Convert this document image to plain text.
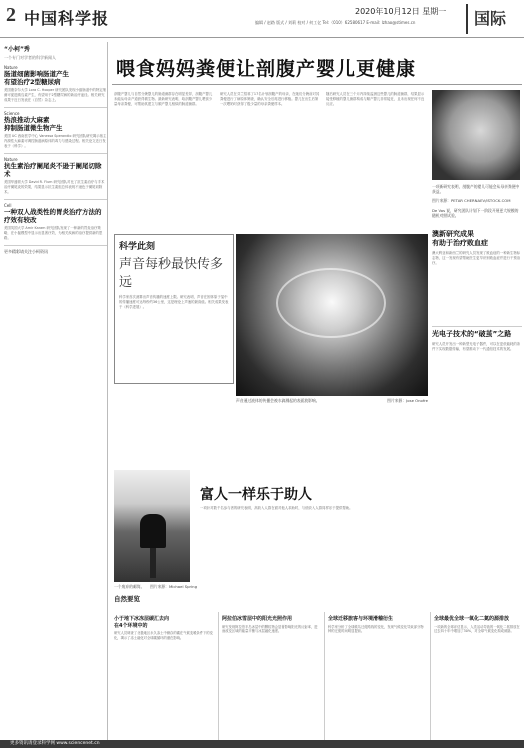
2 中国科学报	2020年10月12日 星期一
编辑 / 赵路 版式 / 刘莉 校对 / 何工亿 Tel:（010）62580617 E-mail: lzhao@stimes.cn	国际
“小柯”秀
一个专门对学者的科学新闻人
Nature
肠道细菌影响肠道产生
有望治疗2型糖尿病
美国康奈尔大学 Lora C. Hooper 研究团队发现小鼠肠道中的特定细菌可促进胰岛素产生，有望用于2型糖尿病的新治疗途径。相关研究成果于近日发表在《自然》杂志上。
Science
热浪推动大麻素
抑制肠道微生物产生
美国 UC 西南医学中心 Vanessa Sperandio 研究团队研究揭示宿主内源性大麻素可调控肠道病原体的毒力与感染过程。相关论文近日发表于《科学》。
Nature
抗生素治疗阑尾炎不逊于阑尾切除术
美国华盛顿大学 David R. Flum 研究团队对比了抗生素治疗与手术治疗阑尾炎的效果，结果显示抗生素组总体表现不逊色于阑尾切除术。
Cell
一种双人战类性的胃炎治疗方法的
疗效有较改
美国英国大学 Amir Karam 研究团队发现了一种新的胃炎治疗策略，在小鼠模型中显示出显著疗效，为相关疾病的治疗提供新的思路。
更多精彩请关注小柯资讯
喂食妈妈粪便让剖腹产婴儿更健康
剖腹产婴儿与自然分娩婴儿的肠道菌群存在明显差异，剖腹产婴儿未能从母亲产道获得微生物。最新研究表明，给剖腹产婴儿喂食少量母亲粪便，可帮助其建立与顺产婴儿相似的肠道菌群。
研究人员在芬兰招募了17名计划剖腹产的母亲，在她们分娩前对其粪便进行了病原体筛查，确认安全后再进行移植。婴儿在出生后第一次喂奶时获得了极少量的母亲粪便样本。
随后研究人员在三个月内持续监测这些婴儿的肠道菌群，结果显示接受移植的婴儿菌群构成与顺产婴儿非常接近，且未出现任何不良反应。
一项新研究表明，剖腹产的婴儿可能会从母亲粪便中获益。
图片来源：PETAR CHERNAEV/ISTOCK.COM
De Vos 说，研究团队计划下一阶段开展更大规模的随机对照试验。
科学此刻
声音每秒最快传多远
科学家首次测算出声音传播的速度上限。研究表明，声音在固体原子氢中的传播速度可达每秒约36公里，这是理论上声速的最高值。相关成果发表于《科学进展》。
声音通过液体的传播会被水滴溅起的表面波影响。	图片来源：Jose Onofre
澳新研究成果
有助于治疗败血症
澳大利亚和新西兰的研究人员发现了败血症的一种新生物标志物，这一发现有望帮助医生更早识别败血症并进行干预治疗。
光电子技术的“破茧”之路
研究人员开发出一种新型光电子器件，可以在更低能耗的条件下实现数据传输，有望推动下一代通信技术的发展。
一个废弃的邮筒。	图片来源：Michael Spring
富人一样乐于助人
一项针对数千名参与者的研究表明，高收入人群在面对他人求助时，与低收入人群同样乐于提供帮助。
自然要览
小于地下冰冻层碳汇去向
在4个环境中的
研究人员调查了北极地区永久冻土中储存的碳在气候变暖条件下的变化，揭示了冻土融化对全球碳循环的潜在影响。
阿拉伯冰雪层中的阳光光照作用
研究发现阿拉伯半岛冰层中的颗粒物会显著影响阳光的反射率，进而改变区域的能量平衡与冰层融化速度。
全球迁移旅客与环境滑稽衍生
科学家分析了全球候鸟迁徙路线的变化，发现气候变化导致部分物种的迁徙时间明显提前。
全球最优全球一氧化二氮的源排放
一项新的全球评估显示，人类活动导致的一氧化二氮排放在过去四十年中增加了30%，对全球气候变化构成威胁。
更多资讯请登录科学网 www.sciencenet.cn
